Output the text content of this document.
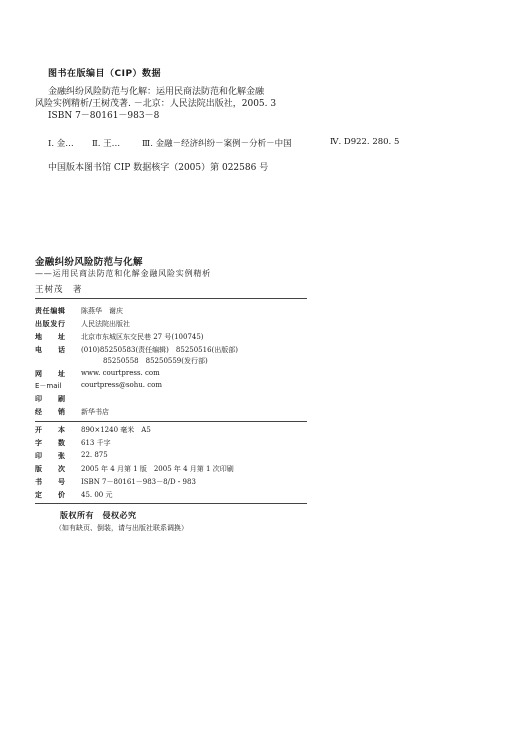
图书在版编目（CIP）数据
金融纠纷风险防范与化解：运用民商法防范和化解金融
风险实例精析/王树茂著. －北京：人民法院出版社，2005. 3
ISBN 7－80161－983－8
Ⅰ. 金… Ⅱ. 王…	Ⅲ. 金融－经济纠纷－案例－分析－中国	Ⅳ. D922. 280. 5
中国版本图书馆 CIP 数据核字（2005）第 022586 号
金融纠纷风险防范与化解
——运用民商法防范和化解金融风险实例精析
王树茂　著
责任编辑 陈燕华　谢庆
出版发行 人民法院出版社
地址 北京市东城区东交民巷 27 号(100745)
电话 (010)85250583(责任编辑)　85250516(出版部)
85250558　85250559(发行部)
网址 www. courtpress. com
E－mail	courtpress@sohu. com
印刷
经销 新华书店
开本 890×1240 毫米　A5
字数 613 千字
印张 22. 875
版次 2005 年 4 月第 1 版　2005 年 4 月第 1 次印刷
书号 ISBN 7－80161－983－8/D・983
定价 45. 00 元
版权所有　侵权必究
（如有缺页、倒装，请与出版社联系调换）
